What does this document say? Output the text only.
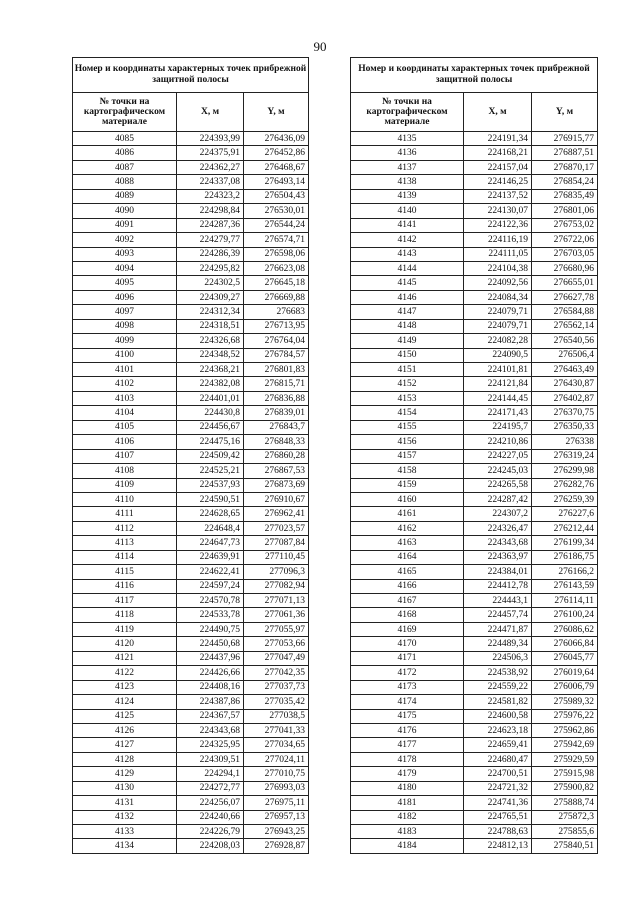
90
Номер и координаты характерных точек прибрежной защитной полосы		
№ точки на картографическом материале	X, м	Y, м
4085	224393,99	276436,09
4086	224375,91	276452,86
4087	224362,27	276468,67
4088	224337,08	276493,14
4089	224323,2	276504,43
4090	224298,84	276530,01
4091	224287,36	276544,24
4092	224279,77	276574,71
4093	224286,39	276598,06
4094	224295,82	276623,08
4095	224302,5	276645,18
4096	224309,27	276669,88
4097	224312,34	276683
4098	224318,51	276713,95
4099	224326,68	276764,04
4100	224348,52	276784,57
4101	224368,21	276801,83
4102	224382,08	276815,71
4103	224401,01	276836,88
4104	224430,8	276839,01
4105	224456,67	276843,7
4106	224475,16	276848,33
4107	224509,42	276860,28
4108	224525,21	276867,53
4109	224537,93	276873,69
4110	224590,51	276910,67
4111	224628,65	276962,41
4112	224648,4	277023,57
4113	224647,73	277087,84
4114	224639,91	277110,45
4115	224622,41	277096,3
4116	224597,24	277082,94
4117	224570,78	277071,13
4118	224533,78	277061,36
4119	224490,75	277055,97
4120	224450,68	277053,66
4121	224437,96	277047,49
4122	224426,66	277042,35
4123	224408,16	277037,73
4124	224387,86	277035,42
4125	224367,57	277038,5
4126	224343,68	277041,33
4127	224325,95	277034,65
4128	224309,51	277024,11
4129	224294,1	277010,75
4130	224272,77	276993,03
4131	224256,07	276975,11
4132	224240,66	276957,13
4133	224226,79	276943,25
4134	224208,03	276928,87
Номер и координаты характерных точек прибрежной защитной полосы		
№ точки на картографическом материале	X, м	Y, м
4135	224191,34	276915,77
4136	224168,21	276887,51
4137	224157,04	276870,17
4138	224146,25	276854,24
4139	224137,52	276835,49
4140	224130,07	276801,06
4141	224122,36	276753,02
4142	224116,19	276722,06
4143	224111,05	276703,05
4144	224104,38	276680,96
4145	224092,56	276655,01
4146	224084,34	276627,78
4147	224079,71	276584,88
4148	224079,71	276562,14
4149	224082,28	276540,56
4150	224090,5	276506,4
4151	224101,81	276463,49
4152	224121,84	276430,87
4153	224144,45	276402,87
4154	224171,43	276370,75
4155	224195,7	276350,33
4156	224210,86	276338
4157	224227,05	276319,24
4158	224245,03	276299,98
4159	224265,58	276282,76
4160	224287,42	276259,39
4161	224307,2	276227,6
4162	224326,47	276212,44
4163	224343,68	276199,34
4164	224363,97	276186,75
4165	224384,01	276166,2
4166	224412,78	276143,59
4167	224443,1	276114,11
4168	224457,74	276100,24
4169	224471,87	276086,62
4170	224489,34	276066,84
4171	224506,3	276045,77
4172	224538,92	276019,64
4173	224559,22	276006,79
4174	224581,82	275989,32
4175	224600,58	275976,22
4176	224623,18	275962,86
4177	224659,41	275942,69
4178	224680,47	275929,59
4179	224700,51	275915,98
4180	224721,32	275900,82
4181	224741,36	275888,74
4182	224765,51	275872,3
4183	224788,63	275855,6
4184	224812,13	275840,51
